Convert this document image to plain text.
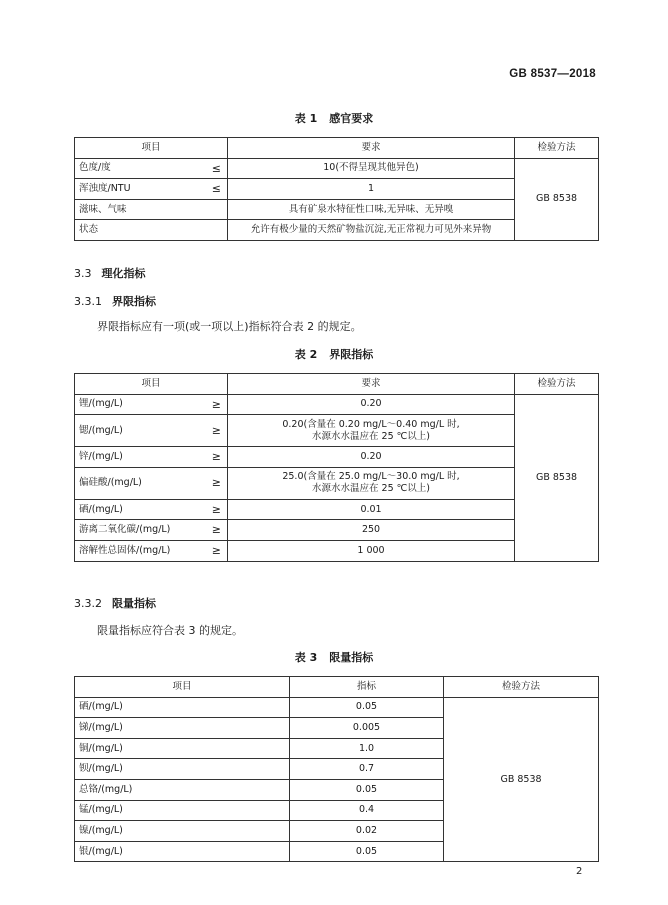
GB 8537—2018
表 1 感官要求
项目		要求	检验方法
色度/度	≤	10(不得呈现其他异色)	GB 8538
浑浊度/NTU	≤	1	
滋味、气味		具有矿泉水特征性口味,无异味、无异嗅	
状态		允许有极少量的天然矿物盐沉淀,无正常视力可见外来异物	
3.3 理化指标
3.3.1 界限指标
界限指标应有一项(或一项以上)指标符合表 2 的规定。
表 2 界限指标
项目		要求	检验方法
锂/(mg/L)	≥	0.20	GB 8538
锶/(mg/L)	≥	0.20(含量在 0.20 mg/L～0.40 mg/L 时,
水源水水温应在 25 ℃以上)	

锌/(mg/L)	≥	0.20	
偏硅酸/(mg/L)	≥	25.0(含量在 25.0 mg/L～30.0 mg/L 时,
水源水水温应在 25 ℃以上)	

硒/(mg/L)	≥	0.01	
游离二氧化碳/(mg/L)	≥	250	
溶解性总固体/(mg/L)	≥	1 000	
3.3.2 限量指标
限量指标应符合表 3 的规定。
表 3 限量指标
项目	指标	检验方法
硒/(mg/L)	0.05	GB 8538
锑/(mg/L)	0.005	
铜/(mg/L)	1.0	
钡/(mg/L)	0.7	
总铬/(mg/L)	0.05	
锰/(mg/L)	0.4	
镍/(mg/L)	0.02	
银/(mg/L)	0.05	
2
